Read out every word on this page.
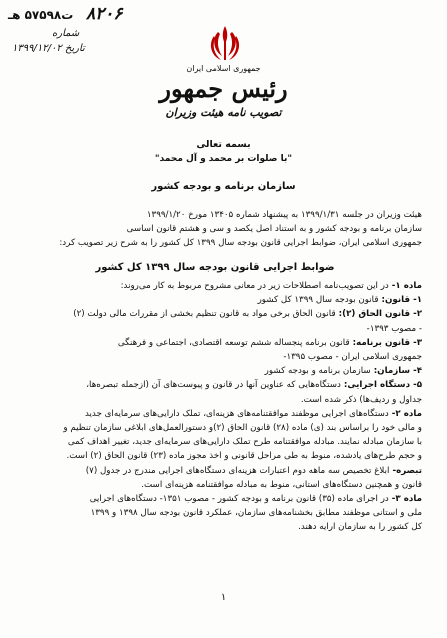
ت۵۷۵۹۸ هـ ۸۲۰۶
شماره
تاریخ ۱۳۹۹/۱۲/۰۲
جمهوری اسلامی ایران
رئیس جمهور
تصویب نامه هیئت وزیران
بسمه تعالی
"با صلوات بر محمد و آل محمد"
سازمان برنامه و بودجه کشور
هیئت وزیران در جلسه ۱۳۹۹/۱/۳۱ به پیشنهاد شماره ۱۳۴۰۵ مورخ ۱۳۹۹/۱/۲۰
سازمان برنامه و بودجه کشور و به استناد اصل یکصد و سی و هشتم قانون اساسی
جمهوری اسلامی ایران، ضوابط اجرایی قانون بودجه سال ۱۳۹۹ کل کشور را به شرح زیر تصویب کرد:
ضوابط اجرایی قانون بودجه سال ۱۳۹۹ کل کشور
ماده ۱- در این تصویب‌نامه اصطلاحات زیر در معانی مشروح مربوط به کار می‌روند:
۱- قانون: قانون بودجه سال ۱۳۹۹ کل کشور
۲- قانون الحاق (۲): قانون الحاق برخی مواد به قانون تنظیم بخشی از مقررات مالی دولت (۲)
- مصوب ۱۳۹۳-
۳- قانون برنامه: قانون برنامه پنجساله ششم توسعه اقتصادی، اجتماعی و فرهنگی
جمهوری اسلامی ایران - مصوب ۱۳۹۵-
۴- سازمان: سازمان برنامه و بودجه کشور
۵- دستگاه اجرایی: دستگاه‌هایی که عناوین آنها در قانون و پیوست‌های آن (ازجمله تبصره‌ها،
جداول و ردیف‌ها) ذکر شده است.
ماده ۲- دستگاه‌های اجرایی موظفند موافقتنامه‌های هزینه‌ای، تملک دارایی‌های سرمایه‌ای جدید
و مالی خود را براساس بند (ی) ماده (۲۸) قانون الحاق (۲)و دستورالعمل‌های ابلاغی سازمان تنظیم و
با سازمان مبادله نمایند. مبادله موافقتنامه طرح تملک دارایی‌های سرمایه‌ای جدید، تغییر اهداف کمی
و حجم طرح‌های یادشده، منوط به طی مراحل قانونی و اخذ مجوز ماده (۲۳) قانون الحاق (۲) است.
تبصره- ابلاغ تخصیص سه ماهه دوم اعتبارات هزینه‌ای دستگاه‌های اجرایی مندرج در جدول (۷)
قانون و همچنین دستگاه‌های استانی، منوط به مبادله موافقتنامه هزینه‌ای است.
ماده ۳- در اجرای ماده (۳۵) قانون برنامه و بودجه کشور - مصوب ۱۳۵۱- دستگاه‌های اجرایی
ملی و استانی موظفند مطابق بخشنامه‌های سازمان، عملکرد قانون بودجه سال ۱۳۹۸ و ۱۳۹۹
کل کشور را به سازمان ارایه دهند.
۱
